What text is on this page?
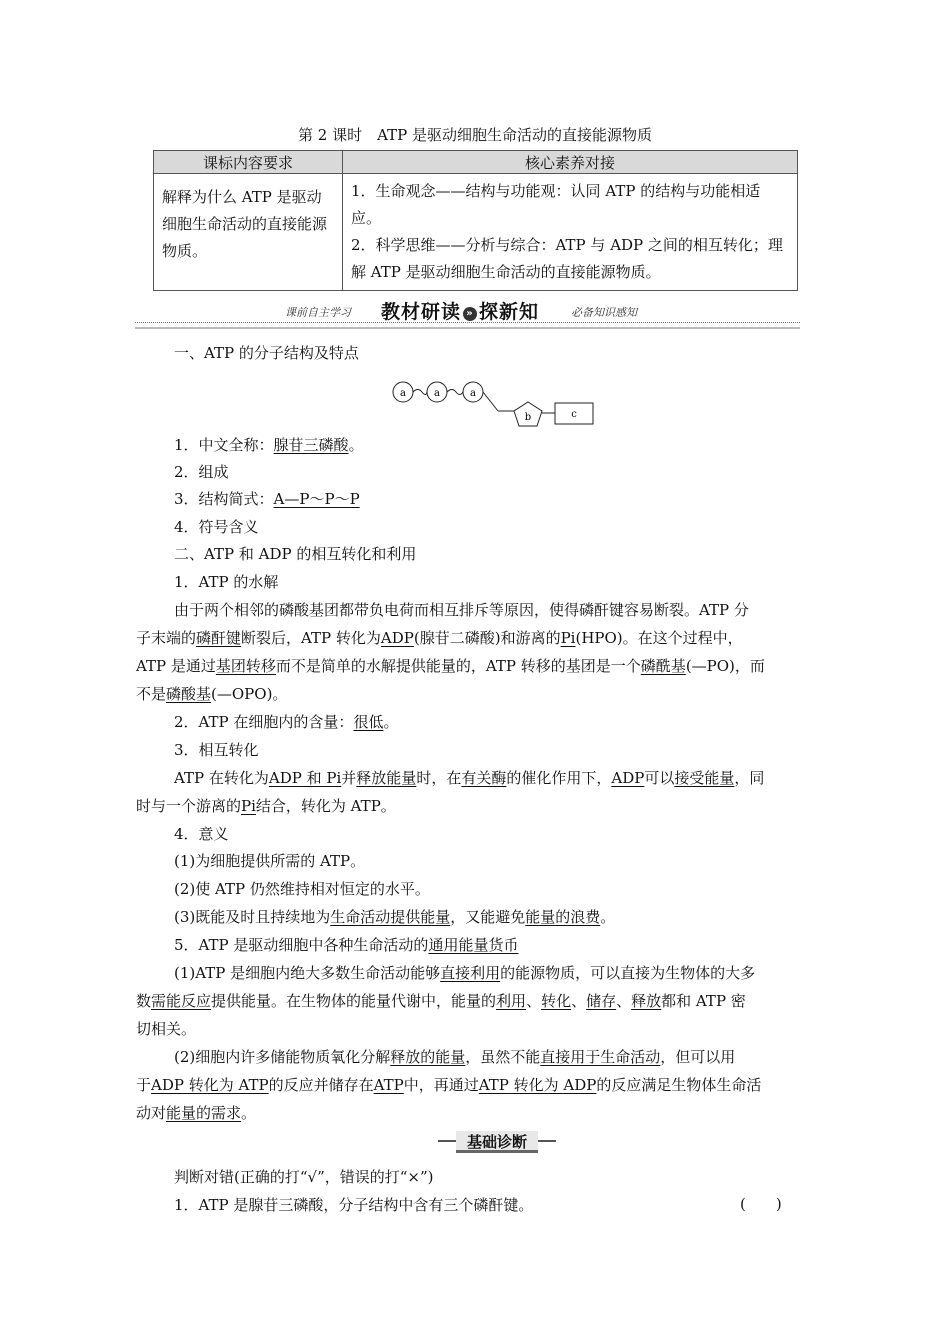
第 2 课时　ATP 是驱动细胞生命活动的直接能源物质
课标内容要求	核心素养对接
解释为什么 ATP 是驱动细胞生命活动的直接能源物质。	1．生命观念——结构与功能观：认同 ATP 的结构与功能相适应。
2．科学思维——分析与综合：ATP 与 ADP 之间的相互转化；理解 ATP 是驱动细胞生命活动的直接能源物质。
课前自主学习 教材研读 » 探新知	必备知识感知
一、ATP 的分子结构及特点
a	a	a
b	c
1．中文全称：腺苷三磷酸。
2．组成
3．结构简式：A—P～P～P
4．符号含义
二、ATP 和 ADP 的相互转化和利用
1．ATP 的水解
由于两个相邻的磷酸基团都带负电荷而相互排斥等原因，使得磷酐键容易断裂。ATP 分
子末端的磷酐键断裂后，ATP 转化为ADP(腺苷二磷酸)和游离的Pi(HPO)。在这个过程中，
ATP 是通过基团转移而不是简单的水解提供能量的，ATP 转移的基团是一个磷酰基(—PO)，而
不是磷酸基(—OPO)。
2．ATP 在细胞内的含量：很低。
3．相互转化
ATP 在转化为ADP 和 Pi并释放能量时，在有关酶的催化作用下，ADP可以接受能量，同
时与一个游离的Pi结合，转化为 ATP。
4．意义
(1)为细胞提供所需的 ATP。
(2)使 ATP 仍然维持相对恒定的水平。
(3)既能及时且持续地为生命活动提供能量，又能避免能量的浪费。
5．ATP 是驱动细胞中各种生命活动的通用能量货币
(1)ATP 是细胞内绝大多数生命活动能够直接利用的能源物质，可以直接为生物体的大多
数需能反应提供能量。在生物体的能量代谢中，能量的利用、转化、储存、释放都和 ATP 密
切相关。
(2)细胞内许多储能物质氧化分解释放的能量，虽然不能直接用于生命活动，但可以用
于ADP 转化为 ATP的反应并储存在ATP中，再通过ATP 转化为 ADP的反应满足生物体生命活
动对能量的需求。
基础诊断
判断对错(正确的打“√”，错误的打“×”)
1．ATP 是腺苷三磷酸，分子结构中含有三个磷酐键。	(　　)
